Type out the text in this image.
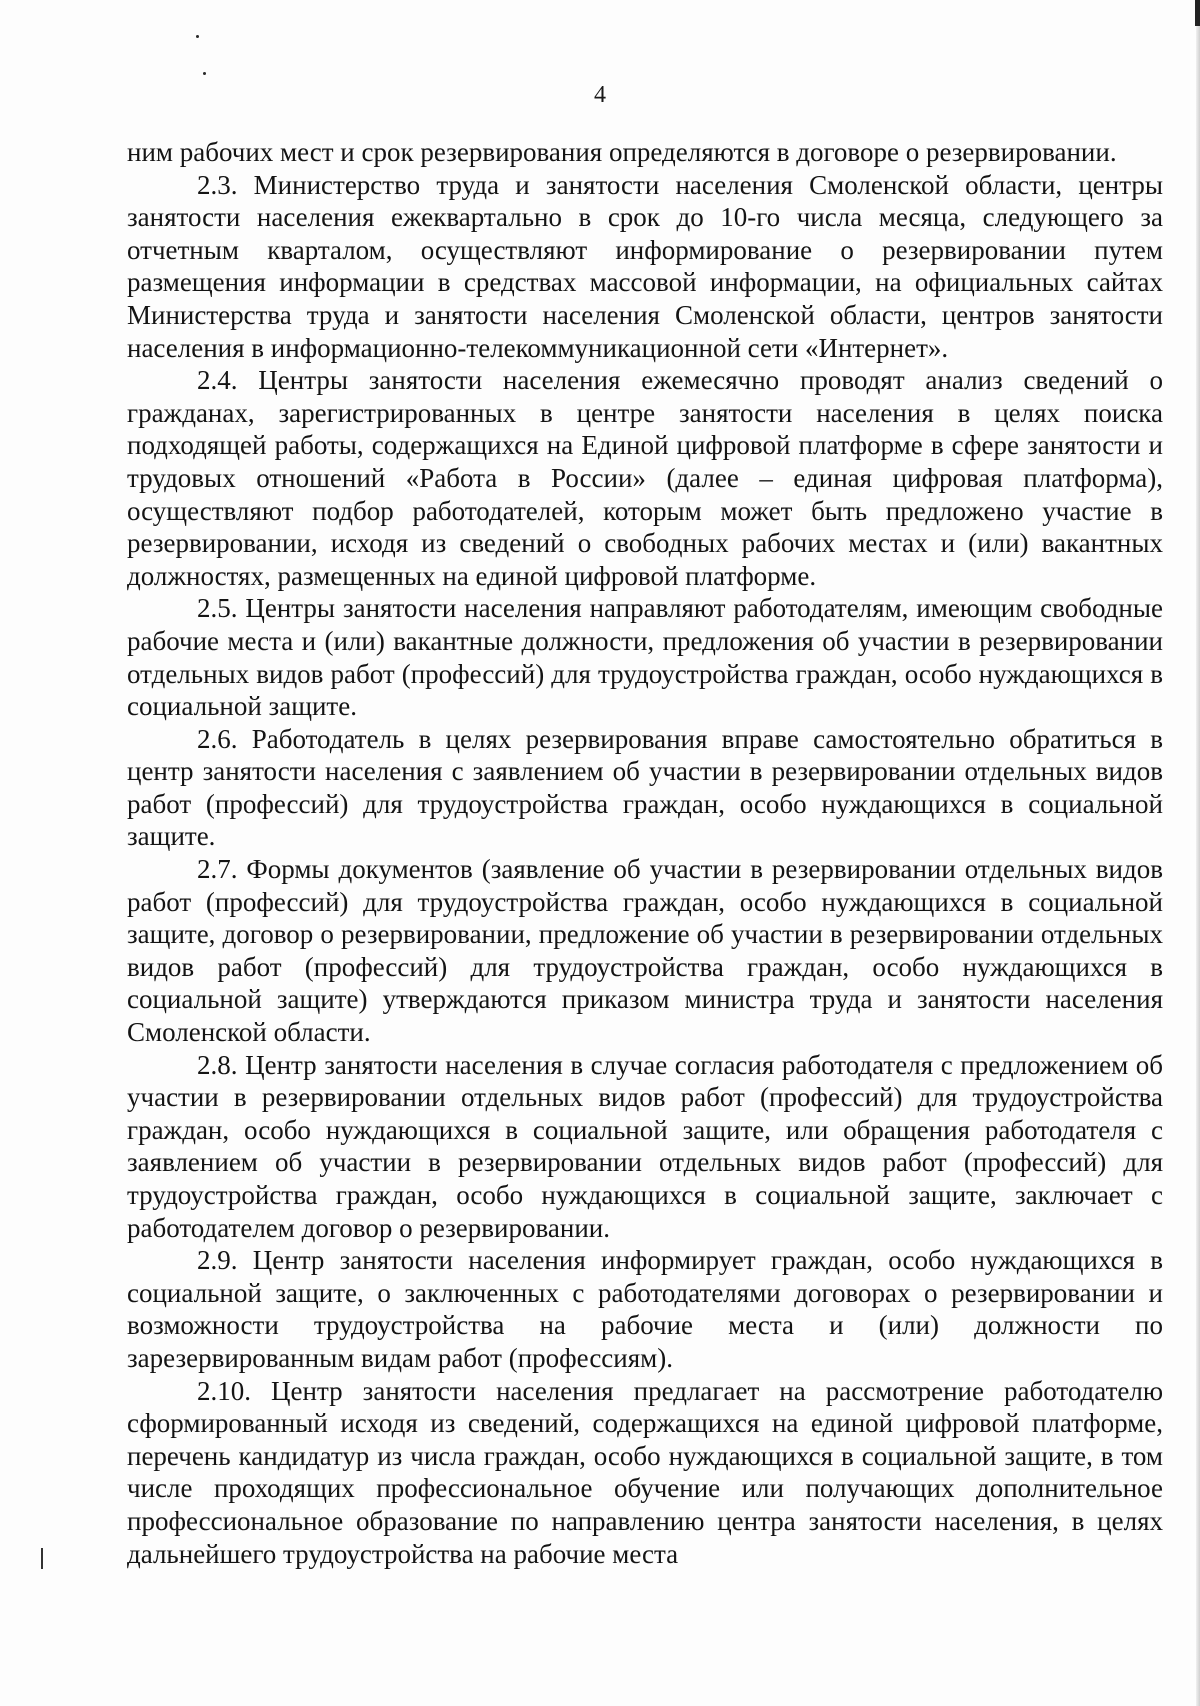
4

ним рабочих мест и срок резервирования определяются в договоре о резервировании.

2.3. Министерство труда и занятости населения Смоленской области, центры занятости населения ежеквартально в срок до 10-го числа месяца, следующего за отчетным кварталом, осуществляют информирование о резервировании путем размещения информации в средствах массовой информации, на официальных сайтах Министерства труда и занятости населения Смоленской области, центров занятости населения в информационно-телекоммуникационной сети «Интернет».

2.4. Центры занятости населения ежемесячно проводят анализ сведений о гражданах, зарегистрированных в центре занятости населения в целях поиска подходящей работы, содержащихся на Единой цифровой платформе в сфере занятости и трудовых отношений «Работа в России» (далее – единая цифровая платформа), осуществляют подбор работодателей, которым может быть предложено участие в резервировании, исходя из сведений о свободных рабочих местах и (или) вакантных должностях, размещенных на единой цифровой платформе.

2.5. Центры занятости населения направляют работодателям, имеющим свободные рабочие места и (или) вакантные должности, предложения об участии в резервировании отдельных видов работ (профессий) для трудоустройства граждан, особо нуждающихся в социальной защите.

2.6. Работодатель в целях резервирования вправе самостоятельно обратиться в центр занятости населения с заявлением об участии в резервировании отдельных видов работ (профессий) для трудоустройства граждан, особо нуждающихся в социальной защите.

2.7. Формы документов (заявление об участии в резервировании отдельных видов работ (профессий) для трудоустройства граждан, особо нуждающихся в социальной защите, договор о резервировании, предложение об участии в резервировании отдельных видов работ (профессий) для трудоустройства граждан, особо нуждающихся в социальной защите) утверждаются приказом министра труда и занятости населения Смоленской области.

2.8. Центр занятости населения в случае согласия работодателя с предложением об участии в резервировании отдельных видов работ (профессий) для трудоустройства граждан, особо нуждающихся в социальной защите, или обращения работодателя с заявлением об участии в резервировании отдельных видов работ (профессий) для трудоустройства граждан, особо нуждающихся в социальной защите, заключает с работодателем договор о резервировании.

2.9. Центр занятости населения информирует граждан, особо нуждающихся в социальной защите, о заключенных с работодателями договорах о резервировании и возможности трудоустройства на рабочие места и (или) должности по зарезервированным видам работ (профессиям).

2.10. Центр занятости населения предлагает на рассмотрение работодателю сформированный исходя из сведений, содержащихся на единой цифровой платформе, перечень кандидатур из числа граждан, особо нуждающихся в социальной защите, в том числе проходящих профессиональное обучение или получающих дополнительное профессиональное образование по направлению центра занятости населения, в целях дальнейшего трудоустройства на рабочие места
